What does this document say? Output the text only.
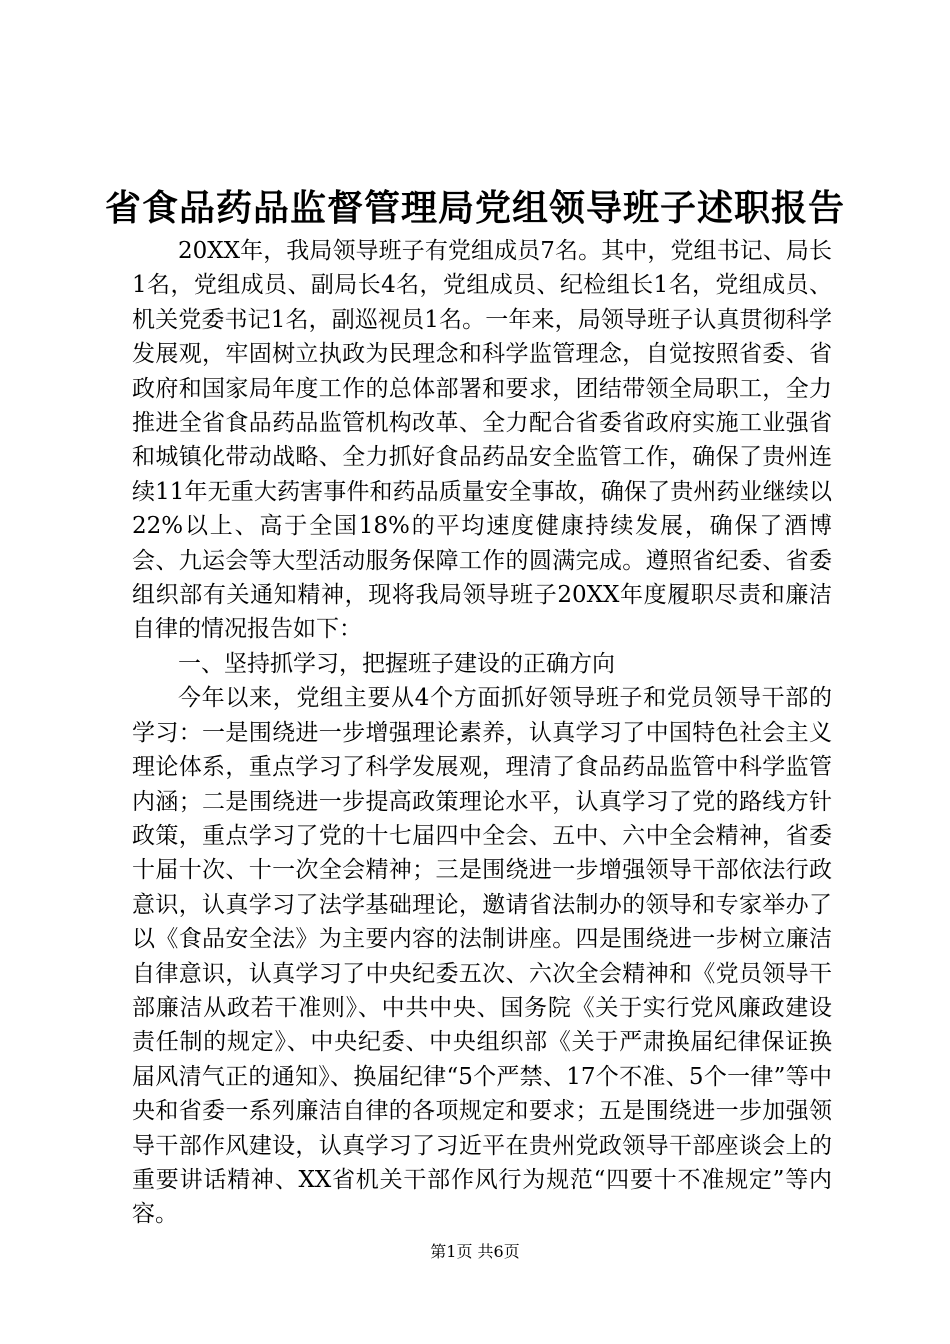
省食品药品监督管理局党组领导班子述职报告

20XX年，我局领导班子有党组成员7名。其中，党组书记、局长1名，党组成员、副局长4名，党组成员、纪检组长1名，党组成员、机关党委书记1名，副巡视员1名。一年来，局领导班子认真贯彻科学发展观，牢固树立执政为民理念和科学监管理念，自觉按照省委、省政府和国家局年度工作的总体部署和要求，团结带领全局职工，全力推进全省食品药品监管机构改革、全力配合省委省政府实施工业强省和城镇化带动战略、全力抓好食品药品安全监管工作，确保了贵州连续11年无重大药害事件和药品质量安全事故，确保了贵州药业继续以22%以上、高于全国18%的平均速度健康持续发展，确保了酒博会、九运会等大型活动服务保障工作的圆满完成。遵照省纪委、省委组织部有关通知精神，现将我局领导班子20XX年度履职尽责和廉洁自律的情况报告如下：

一、坚持抓学习，把握班子建设的正确方向

今年以来，党组主要从4个方面抓好领导班子和党员领导干部的学习：一是围绕进一步增强理论素养，认真学习了中国特色社会主义理论体系，重点学习了科学发展观，理清了食品药品监管中科学监管内涵；二是围绕进一步提高政策理论水平，认真学习了党的路线方针政策，重点学习了党的十七届四中全会、五中、六中全会精神，省委十届十次、十一次全会精神；三是围绕进一步增强领导干部依法行政意识，认真学习了法学基础理论，邀请省法制办的领导和专家举办了以《食品安全法》为主要内容的法制讲座。四是围绕进一步树立廉洁自律意识，认真学习了中央纪委五次、六次全会精神和《党员领导干部廉洁从政若干准则》、中共中央、国务院《关于实行党风廉政建设责任制的规定》、中央纪委、中央组织部《关于严肃换届纪律保证换届风清气正的通知》、换届纪律“5个严禁、17个不准、5个一律”等中央和省委一系列廉洁自律的各项规定和要求；五是围绕进一步加强领导干部作风建设，认真学习了习近平在贵州党政领导干部座谈会上的重要讲话精神、XX省机关干部作风行为规范“四要十不准规定”等内容。

第1页 共6页
